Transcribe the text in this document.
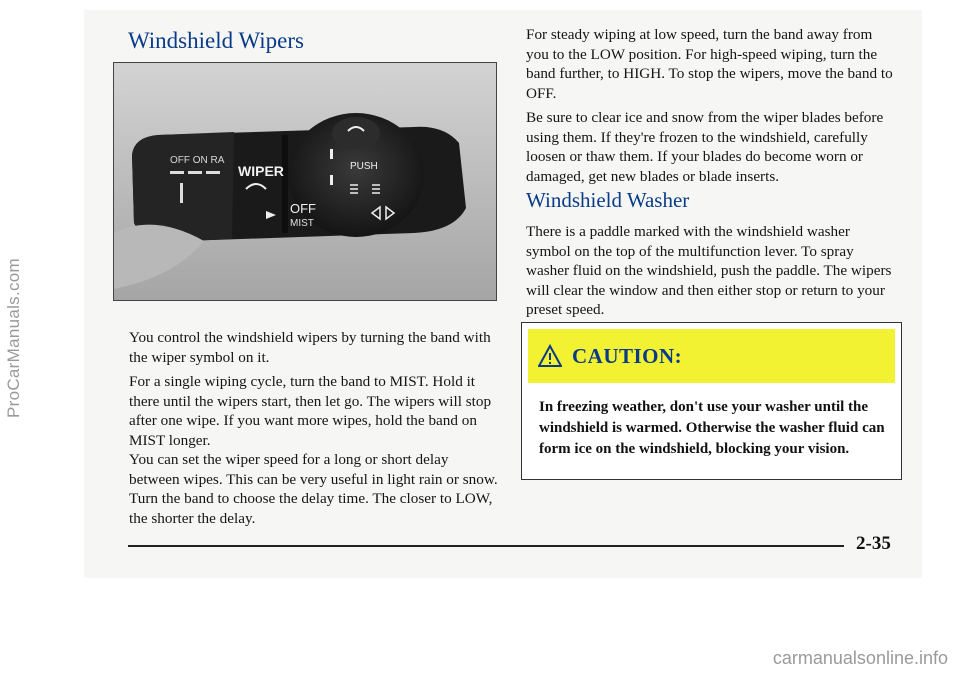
ProCarManuals.com
Windshield Wipers
OFF ON RA
WIPER	PUSH
OFF
MIST

You control the windshield wipers by turning the band with the wiper symbol on it.

For a single wiping cycle, turn the band to MIST. Hold it there until the wipers start, then let go. The wipers will stop after one wipe. If you want more wipes, hold the band on MIST longer.

You can set the wiper speed for a long or short delay between wipes. This can be very useful in light rain or snow. Turn the band to choose the delay time. The closer to LOW, the shorter the delay.

For steady wiping at low speed, turn the band away from you to the LOW position. For high-speed wiping, turn the band further, to HIGH. To stop the wipers, move the band to OFF.

Be sure to clear ice and snow from the wiper blades before using them. If they're frozen to the windshield, carefully loosen or thaw them. If your blades do become worn or damaged, get new blades or blade inserts.

Windshield Washer

There is a paddle marked with the windshield washer symbol on the top of the multifunction lever. To spray washer fluid on the windshield, push the paddle. The wipers will clear the window and then either stop or return to your preset speed.

CAUTION:

In freezing weather, don't use your washer until the windshield is warmed. Otherwise the washer fluid can form ice on the windshield, blocking your vision.

2-35
carmanualsonline.info
